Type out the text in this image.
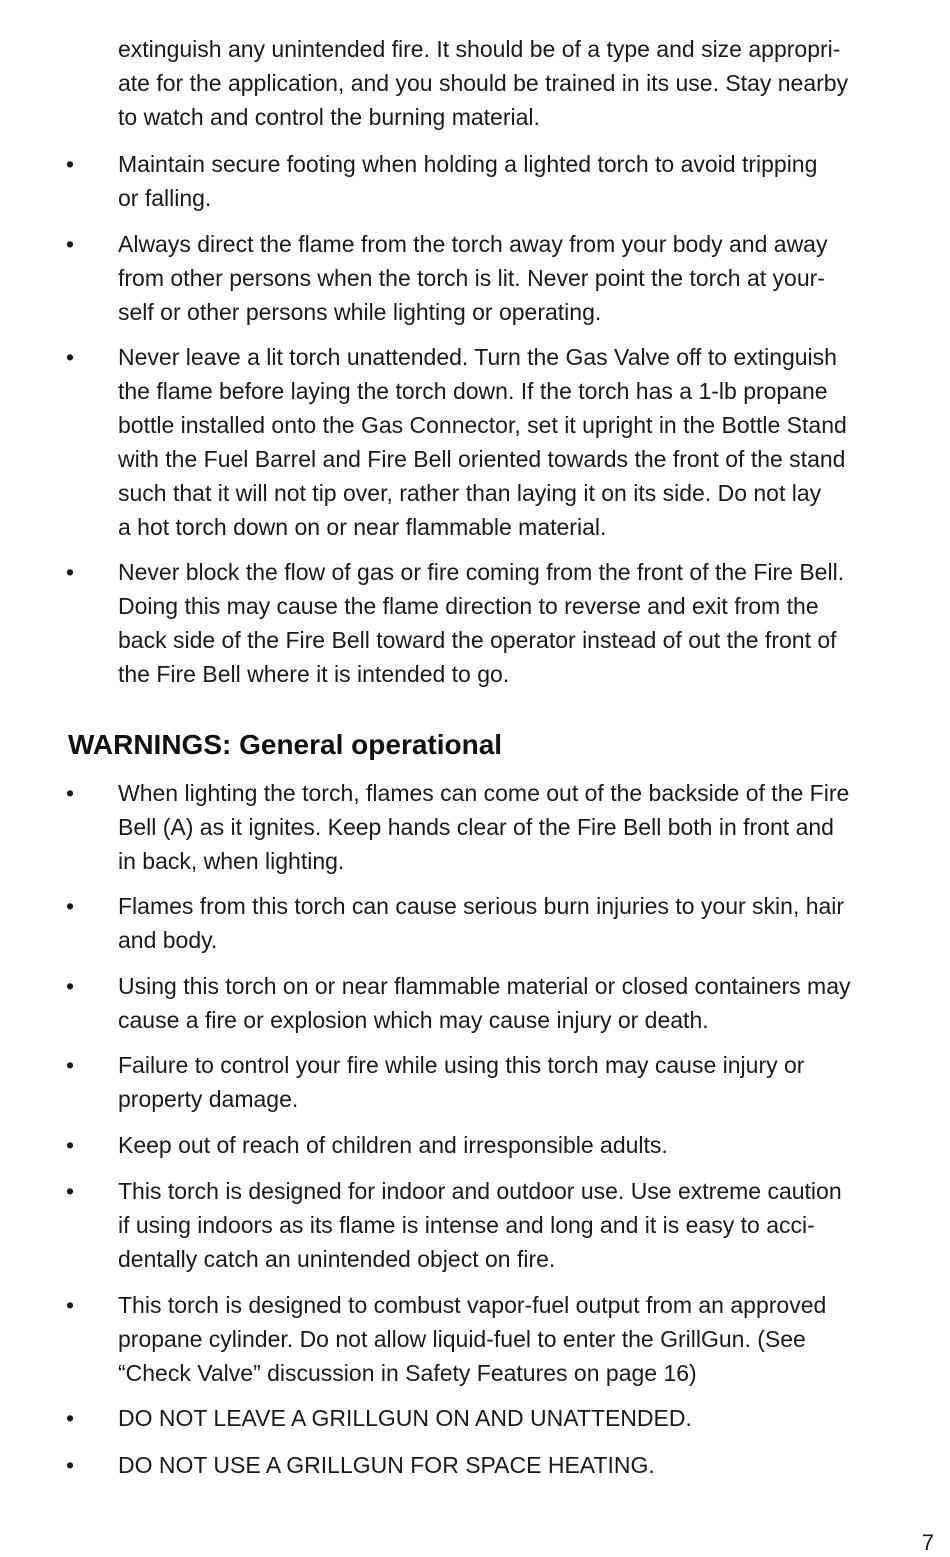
extinguish any unintended fire. It should be of a type and size appropri-
ate for the application, and you should be trained in its use. Stay nearby
to watch and control the burning material.
• Maintain secure footing when holding a lighted torch to avoid tripping
or falling.
• Always direct the flame from the torch away from your body and away
from other persons when the torch is lit. Never point the torch at your-
self or other persons while lighting or operating.
• Never leave a lit torch unattended. Turn the Gas Valve off to extinguish
the flame before laying the torch down. If the torch has a 1-lb propane
bottle installed onto the Gas Connector, set it upright in the Bottle Stand
with the Fuel Barrel and Fire Bell oriented towards the front of the stand
such that it will not tip over, rather than laying it on its side. Do not lay
a hot torch down on or near flammable material.
• Never block the flow of gas or fire coming from the front of the Fire Bell.
Doing this may cause the flame direction to reverse and exit from the
back side of the Fire Bell toward the operator instead of out the front of
the Fire Bell where it is intended to go.
WARNINGS: General operational
• When lighting the torch, flames can come out of the backside of the Fire
Bell (A) as it ignites. Keep hands clear of the Fire Bell both in front and
in back, when lighting.
• Flames from this torch can cause serious burn injuries to your skin, hair
and body.
• Using this torch on or near flammable material or closed containers may
cause a fire or explosion which may cause injury or death.
• Failure to control your fire while using this torch may cause injury or
property damage.
• Keep out of reach of children and irresponsible adults.
• This torch is designed for indoor and outdoor use. Use extreme caution
if using indoors as its flame is intense and long and it is easy to acci-
dentally catch an unintended object on fire.
• This torch is designed to combust vapor-fuel output from an approved
propane cylinder. Do not allow liquid-fuel to enter the GrillGun. (See
“Check Valve” discussion in Safety Features on page 16)
• DO NOT LEAVE A GRILLGUN ON AND UNATTENDED.
• DO NOT USE A GRILLGUN FOR SPACE HEATING.
7
